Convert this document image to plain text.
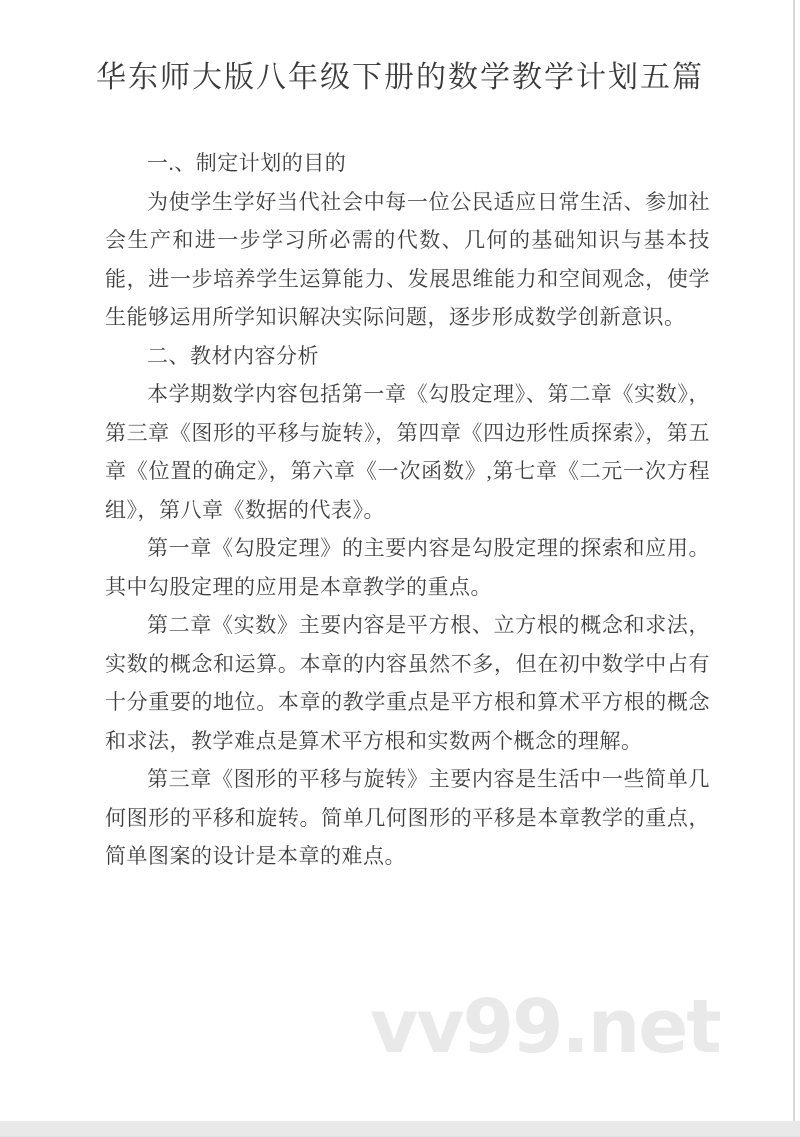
华东师大版八年级下册的数学教学计划五篇

一.、制定计划的目的

为使学生学好当代社会中每一位公民适应日常生活、参加社会生产和进一步学习所必需的代数、几何的基础知识与基本技能，进一步培养学生运算能力、发展思维能力和空间观念，使学生能够运用所学知识解决实际问题，逐步形成数学创新意识。

二、教材内容分析

本学期数学内容包括第一章《勾股定理》、第二章《实数》，第三章《图形的平移与旋转》，第四章《四边形性质探索》，第五章《位置的确定》，第六章《一次函数》,第七章《二元一次方程组》，第八章《数据的代表》。

第一章《勾股定理》的主要内容是勾股定理的探索和应用。其中勾股定理的应用是本章教学的重点。

第二章《实数》主要内容是平方根、立方根的概念和求法，实数的概念和运算。本章的内容虽然不多，但在初中数学中占有十分重要的地位。本章的教学重点是平方根和算术平方根的概念和求法，教学难点是算术平方根和实数两个概念的理解。

第三章《图形的平移与旋转》主要内容是生活中一些简单几何图形的平移和旋转。简单几何图形的平移是本章教学的重点，简单图案的设计是本章的难点。

vv99.net
